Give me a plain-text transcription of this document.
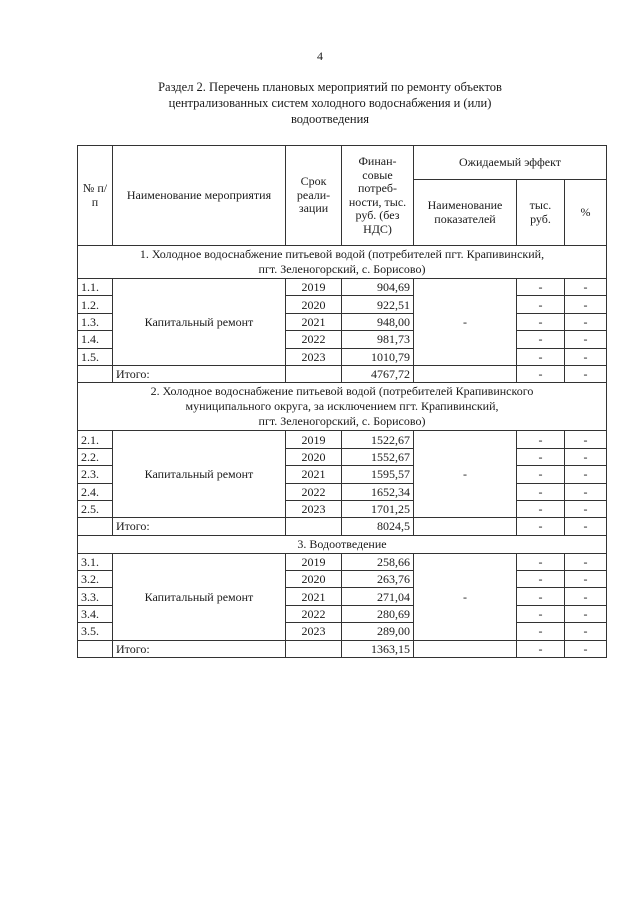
4
Раздел 2. Перечень плановых мероприятий по ремонту объектов
централизованных систем холодного водоснабжения и (или)
водоотведения
№ п/п	Наименование мероприятия	Срок реали-зации	Финан-совые потреб-ности, тыс. руб. (без НДС)	Ожидаемый эффект		
				Наименование показателей	тыс. руб.	%

1. Холодное водоснабжение питьевой водой (потребителей пгт. Крапивинский,
пгт. Зеленогорский, с. Борисово)						

1.1.	Капитальный ремонт	2019	904,69	-	-	-
1.2.		2020	922,51		-	-
1.3.		2021	948,00		-	-
1.4.		2022	981,73		-	-
1.5.		2023	1010,79		-	-
	Итого:		4767,72		-	-

2. Холодное водоснабжение питьевой водой (потребителей Крапивинского
муниципального округа, за исключением пгт. Крапивинский,
пгт. Зеленогорский, с. Борисово)						

2.1.	Капитальный ремонт	2019	1522,67	-	-	-
2.2.		2020	1552,67		-	-
2.3.		2021	1595,57		-	-
2.4.		2022	1652,34		-	-
2.5.		2023	1701,25		-	-
	Итого:		8024,5		-	-

3. Водоотведение						

3.1.	Капитальный ремонт	2019	258,66	-	-	-
3.2.		2020	263,76		-	-
3.3.		2021	271,04		-	-
3.4.		2022	280,69		-	-
3.5.		2023	289,00		-	-
	Итого:		1363,15		-	-
